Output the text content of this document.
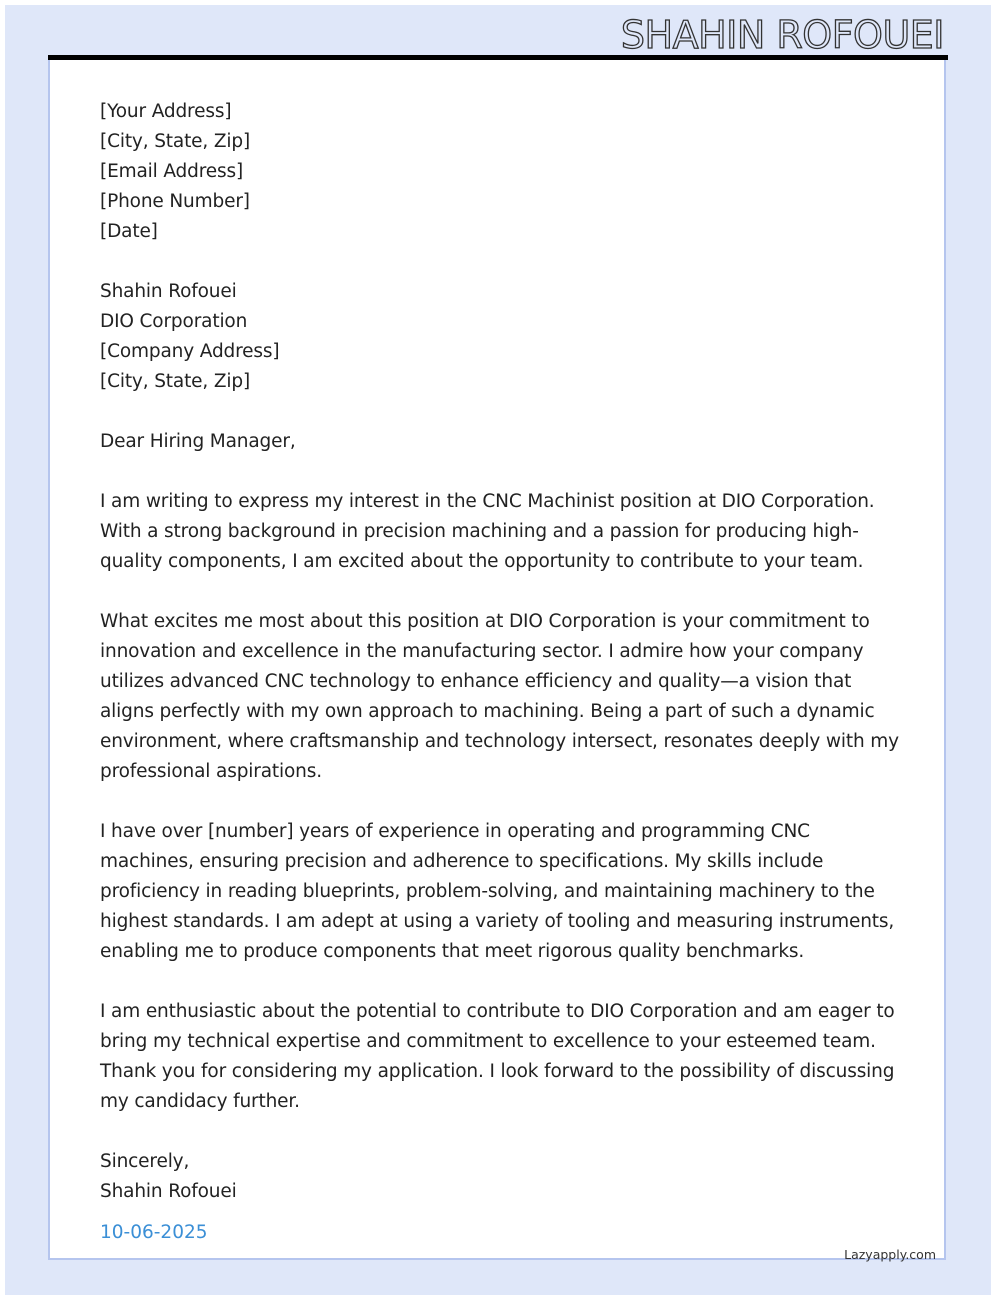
SHAHIN ROFOUEI
[Your Address]
[City, State, Zip]
[Email Address]
[Phone Number]
[Date]
Shahin Rofouei
DIO Corporation
[Company Address]
[City, State, Zip]
Dear Hiring Manager,

I am writing to express my interest in the CNC Machinist position at DIO Corporation. With a strong background in precision machining and a passion for producing high-quality components, I am excited about the opportunity to contribute to your team.

What excites me most about this position at DIO Corporation is your commitment to innovation and excellence in the manufacturing sector. I admire how your company utilizes advanced CNC technology to enhance efficiency and quality—a vision that aligns perfectly with my own approach to machining. Being a part of such a dynamic environment, where craftsmanship and technology intersect, resonates deeply with my professional aspirations.

I have over [number] years of experience in operating and programming CNC machines, ensuring precision and adherence to specifications. My skills include proficiency in reading blueprints, problem-solving, and maintaining machinery to the highest standards. I am adept at using a variety of tooling and measuring instruments, enabling me to produce components that meet rigorous quality benchmarks.

I am enthusiastic about the potential to contribute to DIO Corporation and am eager to bring my technical expertise and commitment to excellence to your esteemed team. Thank you for considering my application. I look forward to the possibility of discussing my candidacy further.

Sincerely,
Shahin Rofouei
10-06-2025
Lazyapply.com
